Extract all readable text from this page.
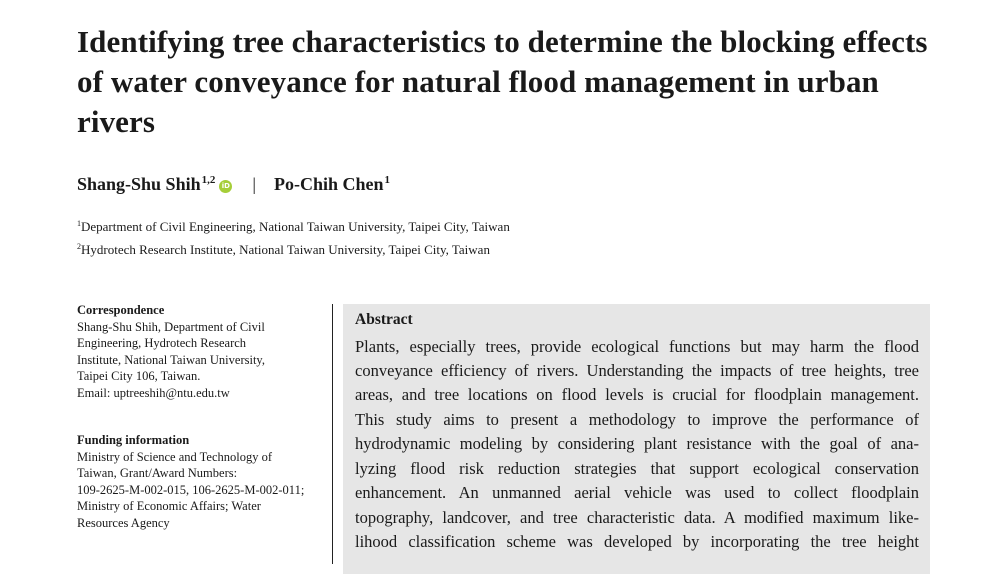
Identifying tree characteristics to determine the blocking effects of water conveyance for natural flood management in urban rivers
Shang-Shu Shih$^{1,2}$ iD | Po-Chih Chen$^1$
$^1$Department of Civil Engineering, National Taiwan University, Taipei City, Taiwan
$^2$Hydrotech Research Institute, National Taiwan University, Taipei City, Taiwan
Correspondence
Shang-Shu Shih, Department of Civil
Engineering, Hydrotech Research
Institute, National Taiwan University,
Taipei City 106, Taiwan.
Email: uptreeshih@ntu.edu.tw
Funding information
Ministry of Science and Technology of
Taiwan, Grant/Award Numbers:
109-2625-M-002-015, 106-2625-M-002-011;
Ministry of Economic Affairs; Water
Resources Agency
Abstract
Plants, especially trees, provide ecological functions but may harm the flood
conveyance efficiency of rivers. Understanding the impacts of tree heights, tree
areas, and tree locations on flood levels is crucial for floodplain management.
This study aims to present a methodology to improve the performance of
hydrodynamic modeling by considering plant resistance with the goal of ana-
lyzing flood risk reduction strategies that support ecological conservation
enhancement. An unmanned aerial vehicle was used to collect floodplain
topography, landcover, and tree characteristic data. A modified maximum like-
lihood classification scheme was developed by incorporating the tree height
